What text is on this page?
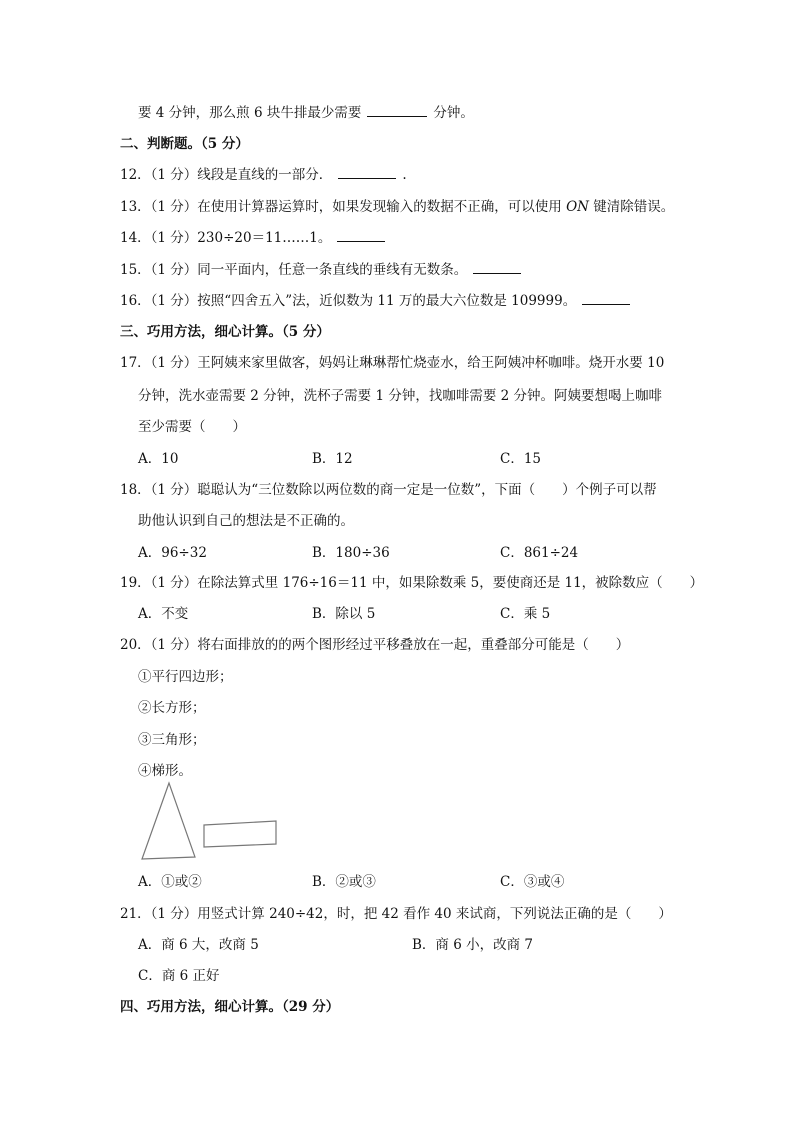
要 4 分钟，那么煎 6 块牛排最少需要	分钟。
二、判断题。（5 分）
12．（1 分）线段是直线的一部分．	.
13．（1 分）在使用计算器运算时，如果发现输入的数据不正确，可以使用 ON 键清除错误。
14．（1 分）230÷20＝11……1。
15．（1 分）同一平面内，任意一条直线的垂线有无数条。
16．（1 分）按照“四舍五入”法，近似数为 11 万的最大六位数是 109999。
三、巧用方法，细心计算。（5 分）
17．（1 分）王阿姨来家里做客，妈妈让琳琳帮忙烧壶水，给王阿姨冲杯咖啡。烧开水要 10
分钟，洗水壶需要 2 分钟，洗杯子需要 1 分钟，找咖啡需要 2 分钟。阿姨要想喝上咖啡
至少需要（　　）
A．10	B．12	C．15
18．（1 分）聪聪认为“三位数除以两位数的商一定是一位数”，下面（　　）个例子可以帮
助他认识到自己的想法是不正确的。
A．96÷32	B．180÷36	C．861÷24
19．（1 分）在除法算式里 176÷16＝11 中，如果除数乘 5，要使商还是 11，被除数应（　　）
A．不变	B．除以 5	C．乘 5
20．（1 分）将右面排放的的两个图形经过平移叠放在一起，重叠部分可能是（　　）
①平行四边形；
②长方形；
③三角形；
④梯形。
A．①或②	B．②或③	C．③或④
21．（1 分）用竖式计算 240÷42，时，把 42 看作 40 来试商，下列说法正确的是（　　）
A．商 6 大，改商 5	B．商 6 小，改商 7
C．商 6 正好
四、巧用方法，细心计算。（29 分）
